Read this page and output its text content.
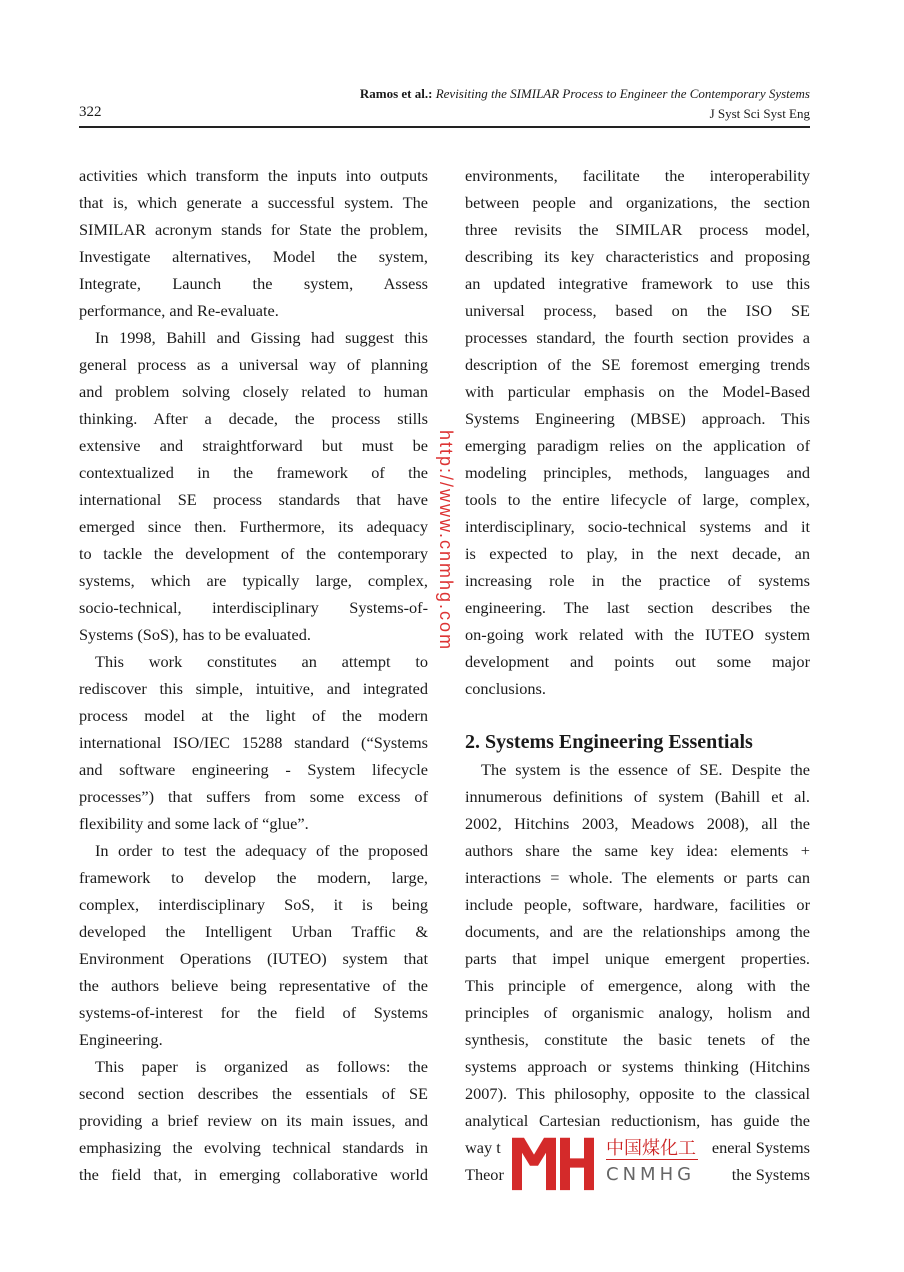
Ramos et al.: Revisiting the SIMILAR Process to Engineer the Contemporary Systems
322	J Syst Sci Syst Eng
activities which transform the inputs into outputs
that is, which generate a successful system. The
SIMILAR acronym stands for State the problem,
Investigate alternatives, Model the system,
Integrate, Launch the system, Assess
performance, and Re-evaluate.
In 1998, Bahill and Gissing had suggest this
general process as a universal way of planning
and problem solving closely related to human
thinking. After a decade, the process stills
extensive and straightforward but must be
contextualized in the framework of the
international SE process standards that have
emerged since then. Furthermore, its adequacy
to tackle the development of the contemporary
systems, which are typically large, complex,
socio-technical, interdisciplinary Systems-of-
Systems (SoS), has to be evaluated.
This work constitutes an attempt to
rediscover this simple, intuitive, and integrated
process model at the light of the modern
international ISO/IEC 15288 standard (“Systems
and software engineering - System lifecycle
processes”) that suffers from some excess of
flexibility and some lack of “glue”.
In order to test the adequacy of the proposed
framework to develop the modern, large,
complex, interdisciplinary SoS, it is being
developed the Intelligent Urban Traffic &
Environment Operations (IUTEO) system that
the authors believe being representative of the
systems-of-interest for the field of Systems
Engineering.
This paper is organized as follows: the
second section describes the essentials of SE
providing a brief review on its main issues, and
emphasizing the evolving technical standards in
the field that, in emerging collaborative world
environments, facilitate the interoperability
between people and organizations, the section
three revisits the SIMILAR process model,
describing its key characteristics and proposing
an updated integrative framework to use this
universal process, based on the ISO SE
processes standard, the fourth section provides a
description of the SE foremost emerging trends
with particular emphasis on the Model-Based
Systems Engineering (MBSE) approach. This
emerging paradigm relies on the application of
modeling principles, methods, languages and
tools to the entire lifecycle of large, complex,
interdisciplinary, socio-technical systems and it
is expected to play, in the next decade, an
increasing role in the practice of systems
engineering. The last section describes the
on-going work related with the IUTEO system
development and points out some major
conclusions.
2. Systems Engineering Essentials
The system is the essence of SE. Despite the
innumerous definitions of system (Bahill et al.
2002, Hitchins 2003, Meadows 2008), all the
authors share the same key idea: elements +
interactions = whole. The elements or parts can
include people, software, hardware, facilities or
documents, and are the relationships among the
parts that impel unique emergent properties.
This principle of emergence, along with the
principles of organismic analogy, holism and
synthesis, constitute the basic tenets of the
systems approach or systems thinking (Hitchins
2007). This philosophy, opposite to the classical
analytical Cartesian reductionism, has guide the
way t	eneral Systems
Theor	the Systems
http://www.cnmhg.com
中国煤化工
CNMHG
